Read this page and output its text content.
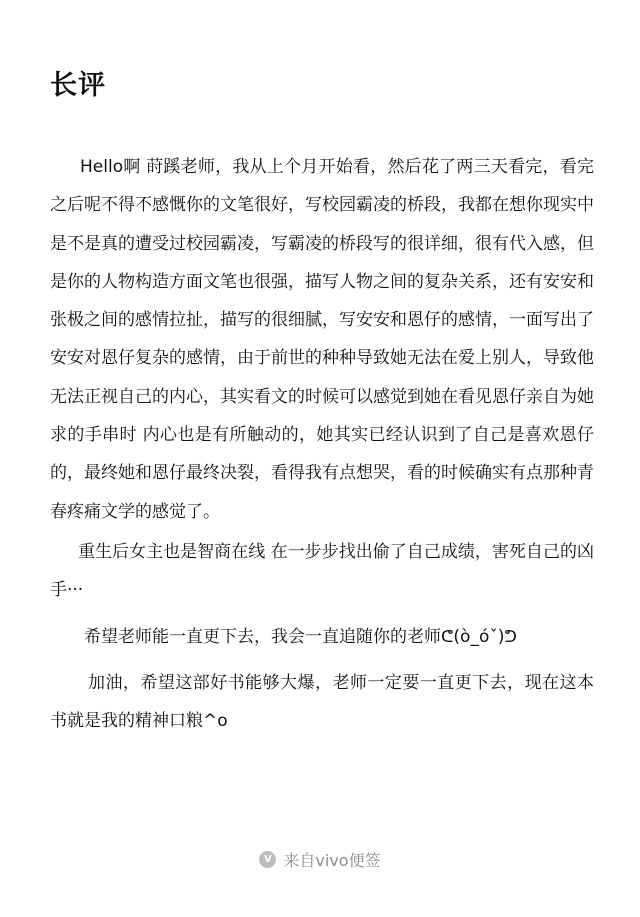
长评

Hello啊 莳蹊老师，我从上个月开始看，然后花了两三天看完，看完之后呢不得不感慨你的文笔很好，写校园霸凌的桥段，我都在想你现实中是不是真的遭受过校园霸凌，写霸凌的桥段写的很详细，很有代入感，但是你的人物构造方面文笔也很强，描写人物之间的复杂关系，还有安安和张极之间的感情拉扯，描写的很细腻，写安安和恩仔的感情，一面写出了安安对恩仔复杂的感情，由于前世的种种导致她无法在爱上别人，导致他无法正视自己的内心，其实看文的时候可以感觉到她在看见恩仔亲自为她求的手串时 内心也是有所触动的，她其实已经认识到了自己是喜欢恩仔的，最终她和恩仔最终决裂，看得我有点想哭，看的时候确实有点那种青春疼痛文学的感觉了。

重生后女主也是智商在线 在一步步找出偷了自己成绩，害死自己的凶手···

希望老师能一直更下去，我会一直追随你的老师ᕦ(ò_óˇ)ᕤ

加油，希望这部好书能够大爆，老师一定要一直更下去，现在这本书就是我的精神口粮^o

V 来自vivo便签
